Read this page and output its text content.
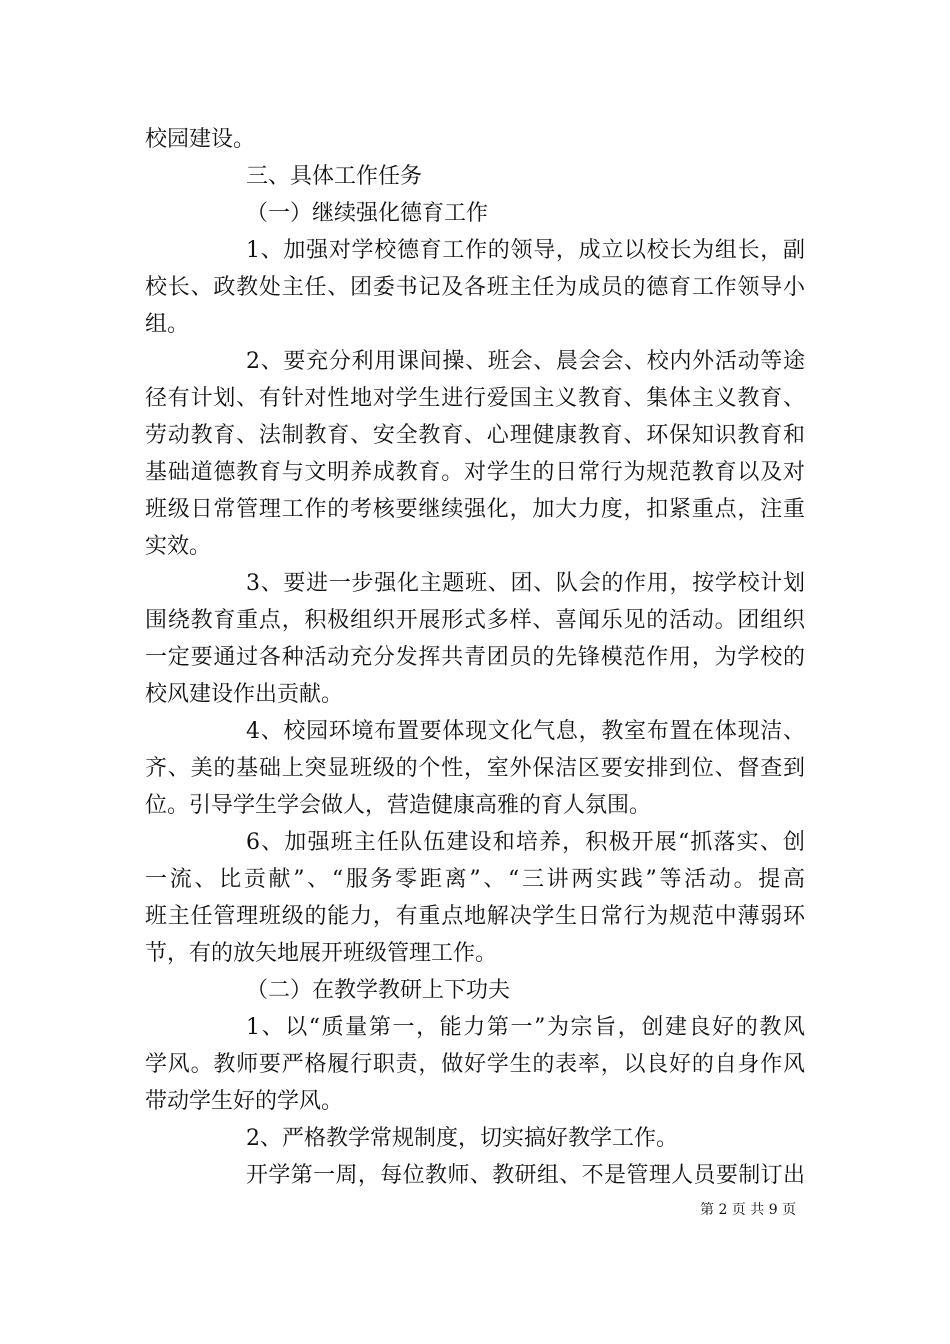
校园建设。
三、具体工作任务
（一）继续强化德育工作
1、加强对学校德育工作的领导，成立以校长为组长，副
校长、政教处主任、团委书记及各班主任为成员的德育工作领导小
组。
2、要充分利用课间操、班会、晨会会、校内外活动等途
径有计划、有针对性地对学生进行爱国主义教育、集体主义教育、
劳动教育、法制教育、安全教育、心理健康教育、环保知识教育和
基础道德教育与文明养成教育。对学生的日常行为规范教育以及对
班级日常管理工作的考核要继续强化，加大力度，扣紧重点，注重
实效。
3、要进一步强化主题班、团、队会的作用，按学校计划
围绕教育重点，积极组织开展形式多样、喜闻乐见的活动。团组织
一定要通过各种活动充分发挥共青团员的先锋模范作用，为学校的
校风建设作出贡献。
4、校园环境布置要体现文化气息，教室布置在体现洁、
齐、美的基础上突显班级的个性，室外保洁区要安排到位、督查到
位。引导学生学会做人，营造健康高雅的育人氛围。
6、加强班主任队伍建设和培养，积极开展“抓落实、创
一流、比贡献”、“服务零距离”、“三讲两实践”等活动。提高
班主任管理班级的能力，有重点地解决学生日常行为规范中薄弱环
节，有的放矢地展开班级管理工作。
（二）在教学教研上下功夫
1、以“质量第一，能力第一”为宗旨，创建良好的教风
学风。教师要严格履行职责，做好学生的表率，以良好的自身作风
带动学生好的学风。
2、严格教学常规制度，切实搞好教学工作。
开学第一周，每位教师、教研组、不是管理人员要制订出
第 2 页 共 9 页
